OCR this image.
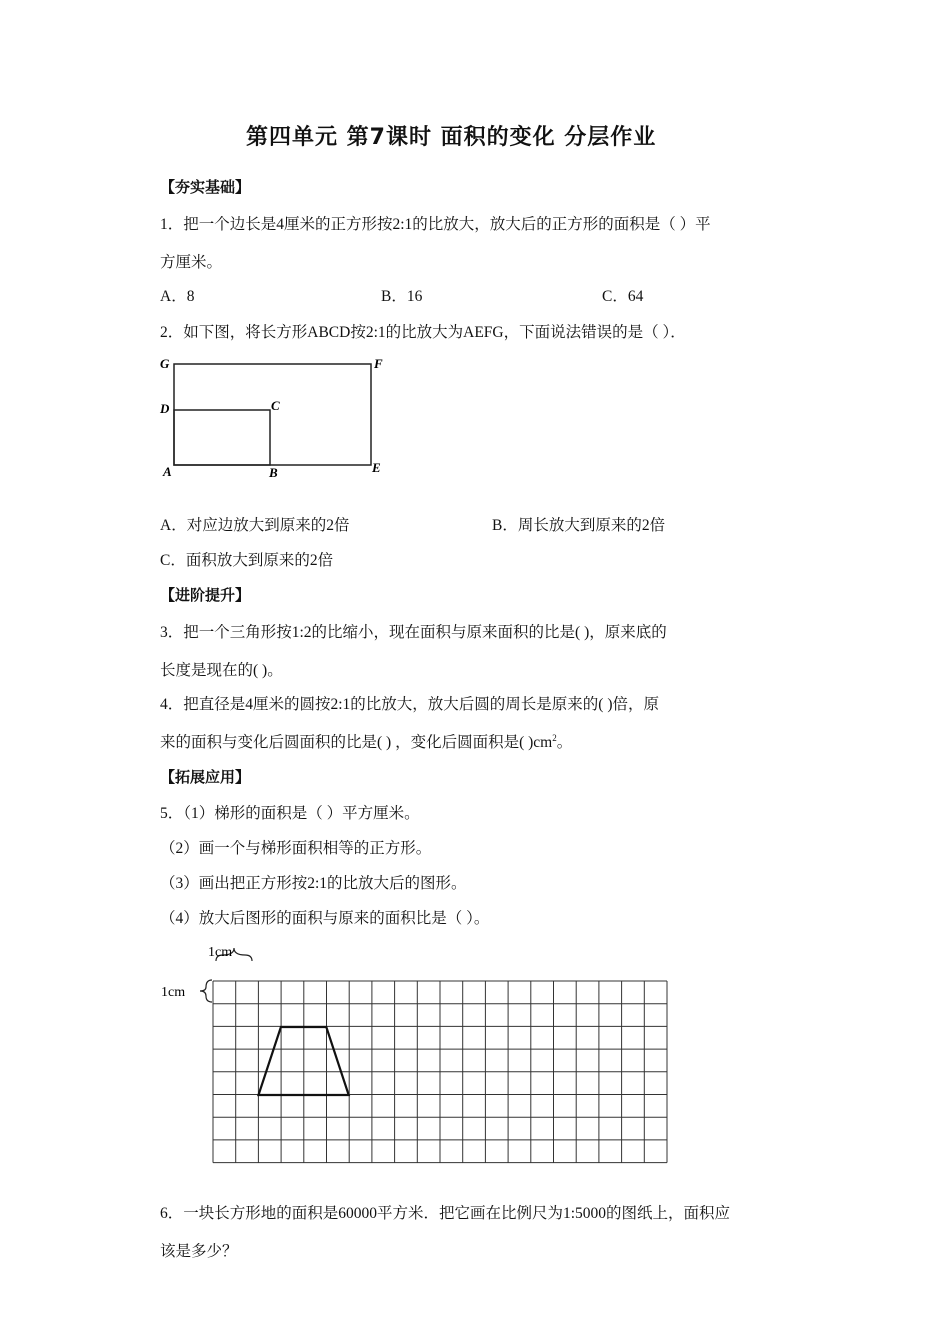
第四单元 第7课时 面积的变化 分层作业
【夯实基础】
1．把一个边长是4厘米的正方形按2:1的比放大，放大后的正方形的面积是（ ）平
方厘米。
A．8	B．16	C．64
2．如下图，将长方形ABCD按2:1的比放大为AEFG，下面说法错误的是（ ）．
G	F
D	C
A	B	E
A．对应边放大到原来的2倍	B．周长放大到原来的2倍
C．面积放大到原来的2倍
【进阶提升】
3．把一个三角形按1:2的比缩小，现在面积与原来面积的比是( )，原来底的
长度是现在的( )。
4．把直径是4厘米的圆按2:1的比放大，放大后圆的周长是原来的( )倍，原
来的面积与变化后圆面积的比是( ) ，变化后圆面积是( )$cm^2$。
【拓展应用】
5．（1）梯形的面积是（ ）平方厘米。
（2）画一个与梯形面积相等的正方形。
（3）画出把正方形按2:1的比放大后的图形。
（4）放大后图形的面积与原来的面积比是（ ）。
1cm
1cm
6．一块长方形地的面积是60000平方米．把它画在比例尺为1:5000的图纸上，面积应
该是多少？
